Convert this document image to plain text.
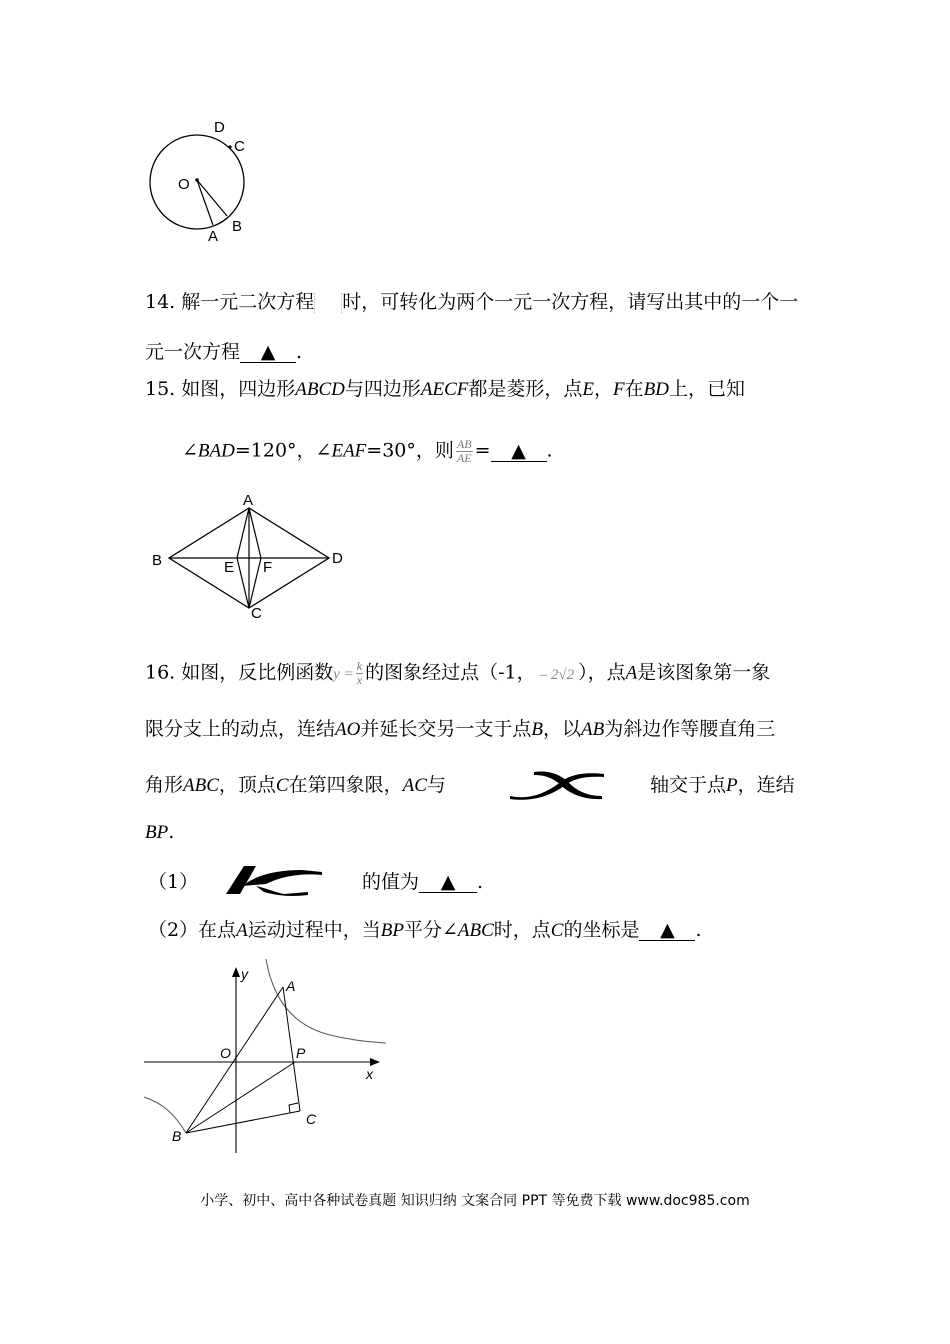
D
C
O
A
B
14. 解一元二次方程 时，可转化为两个一元一次方程，请写出其中的一个一
元一次方程 ▲ .
15. 如图，四边形ABCD与四边形AECF都是菱形，点E，F在BD上，已知
∠BAD=120°，∠EAF=30°，则 $\frac{AB}{AE}$ = ▲ .
A
B
C
D
E F
16. 如图，反比例函数$y = \frac{k}{x}$ 的图象经过点（-1， – 2√2 ），点A是该图象第一象
限分支上的动点，连结AO并延长交另一支于点B，以AB为斜边作等腰直角三
角形ABC，顶点C在第四象限，AC与	轴交于点P，连结
BP.
（1）	的值为 ▲ .
（2）在点A运动过程中，当BP平分∠ABC时，点C的坐标是 ▲ .
y
x
A
O	P
B
C
小学、初中、高中各种试卷真题 知识归纳 文案合同 PPT 等免费下载 www.doc985.com
